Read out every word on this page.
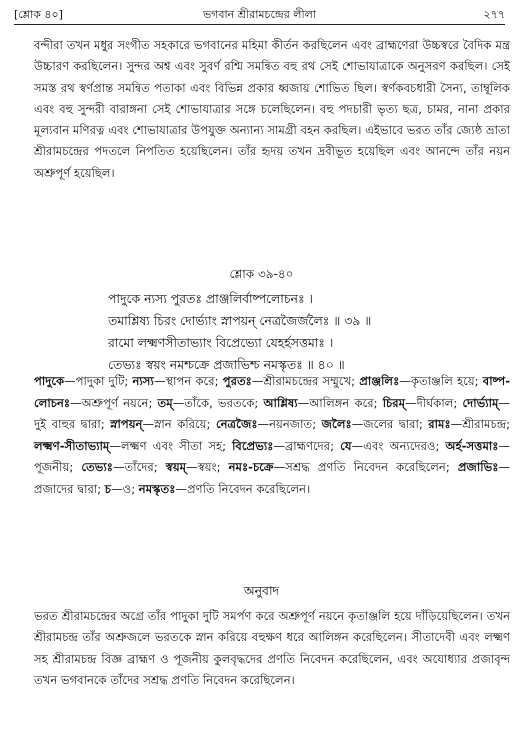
[শ্লোক ৪০]	ভগবান শ্রীরামচন্দ্রের লীলা	২৭৭
বন্দীরা তখন মধুর সংগীত সহকারে ভগবানের মহিমা কীর্তন করছিলেন এবং ব্রাহ্মণেরা উচ্চস্বরে বৈদিক মন্ত্র উচ্চারণ করছিলেন। সুন্দর অশ্ব এবং সুবর্ণ রশ্মি সমন্বিত বহু রথ সেই শোভাযাত্রাকে অনুসরণ করছিল। সেই সমস্ত রথ স্বর্ণপ্রান্ত সমন্বিত পতাকা এবং বিভিন্ন প্রকার ধ্বজায় শোভিত ছিল। স্বর্ণকবচধারী সৈন্য, তাম্বূলিক এবং বহু সুন্দরী বারাঙ্গনা সেই শোভাযাত্রার সঙ্গে চলেছিলেন। বহু পদচারী ভৃত্য ছত্র, চামর, নানা প্রকার মূল্যবান মণিরত্ন এবং শোভাযাত্রার উপযুক্ত অন্যান্য সামগ্রী বহন করছিল। এইভাবে ভরত তাঁর জ্যেষ্ঠ ভ্রাতা শ্রীরামচন্দ্রের পদতলে নিপতিত হয়েছিলেন। তাঁর হৃদয় তখন দ্রবীভূত হয়েছিল এবং আনন্দে তাঁর নয়ন অশ্রুপূর্ণ হয়েছিল।
শ্লোক ৩৯-৪০
পাদুকে ন্যস্য পুরতঃ প্রাঞ্জলির্বাষ্পলোচনঃ ।
তমাশ্লিষ্য চিরং দোর্ভ্যাং স্নাপয়ন্ নেত্রজৈর্জলৈঃ ॥ ৩৯ ॥
রামো লক্ষ্মণসীতাভ্যাং বিপ্রেভ্যো যেহর্হসত্তমাঃ ।
তেভ্যঃ স্বয়ং নমশ্চক্রে প্রজাভিশ্চ নমস্কৃতঃ ॥ ৪০ ॥
পাদুকে—পাদুকা দুটি; ন্যস্য—স্থাপন করে; পুরতঃ—শ্রীরামচন্দ্রের সম্মুখে; প্রাঞ্জলিঃ—কৃতাঞ্জলি হয়ে; বাষ্প-লোচনঃ—অশ্রুপূর্ণ নয়নে; তম্—তাঁকে, ভরতকে; আশ্লিষ্য—আলিঙ্গন করে; চিরম্—দীর্ঘকাল; দোর্ভ্যাম্—দুই বাহুর দ্বারা; স্নাপয়ন্—স্নান করিয়ে; নেত্রজৈঃ—নয়নজাত; জলৈঃ—জলের দ্বারা; রামঃ—শ্রীরামচন্দ্র; লক্ষ্মণ-সীতাভ্যাম্—লক্ষ্মণ এবং সীতা সহ; বিপ্রেভ্যঃ—ব্রাহ্মণদের; যে—এবং অন্যদেরও; অর্হ-সত্তমাঃ—পূজনীয়; তেভ্যঃ—তাঁদের; স্বয়ম্—স্বয়ং; নমঃ-চক্রে—সশ্রদ্ধ প্রণতি নিবেদন করেছিলেন; প্রজাভিঃ—প্রজাদের দ্বারা; চ—ও; নমস্কৃতঃ—প্রণতি নিবেদন করেছিলেন।
অনুবাদ
ভরত শ্রীরামচন্দ্রের অগ্রে তাঁর পাদুকা দুটি সমর্পণ করে অশ্রুপূর্ণ নয়নে কৃতাঞ্জলি হয়ে দাঁড়িয়েছিলেন। তখন শ্রীরামচন্দ্র তাঁর অশ্রুজলে ভরতকে স্নান করিয়ে বহুক্ষণ ধরে আলিঙ্গন করেছিলেন। সীতাদেবী এবং লক্ষ্মণ সহ শ্রীরামচন্দ্র বিজ্ঞ ব্রাহ্মণ ও পূজনীয় কুলবৃদ্ধদের প্রণতি নিবেদন করেছিলেন, এবং অযোধ্যার প্রজাবৃন্দ তখন ভগবানকে তাঁদের সশ্রদ্ধ প্রণতি নিবেদন করেছিলেন।
